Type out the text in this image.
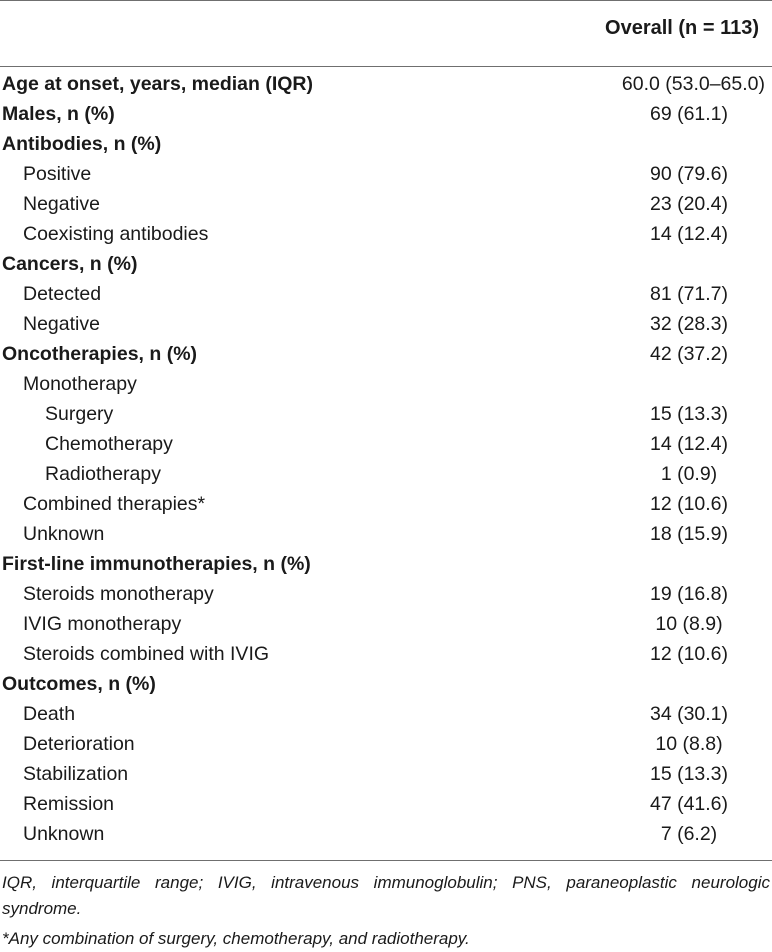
Overall (n = 113)
Age at onset, years, median (IQR)	60.0 (53.0–65.0)
Males, n (%)	69 (61.1)
Antibodies, n (%)	
Positive	90 (79.6)
Negative	23 (20.4)
Coexisting antibodies	14 (12.4)
Cancers, n (%)	
Detected	81 (71.7)
Negative	32 (28.3)
Oncotherapies, n (%)	42 (37.2)
Monotherapy	
Surgery	15 (13.3)
Chemotherapy	14 (12.4)
Radiotherapy	1 (0.9)
Combined therapies*	12 (10.6)
Unknown	18 (15.9)
First-line immunotherapies, n (%)	
Steroids monotherapy	19 (16.8)
IVIG monotherapy	10 (8.9)
Steroids combined with IVIG	12 (10.6)
Outcomes, n (%)	
Death	34 (30.1)
Deterioration	10 (8.8)
Stabilization	15 (13.3)
Remission	47 (41.6)
Unknown	7 (6.2)
IQR, interquartile range; IVIG, intravenous immunoglobulin; PNS, paraneoplastic neurologic syndrome.
*Any combination of surgery, chemotherapy, and radiotherapy.
